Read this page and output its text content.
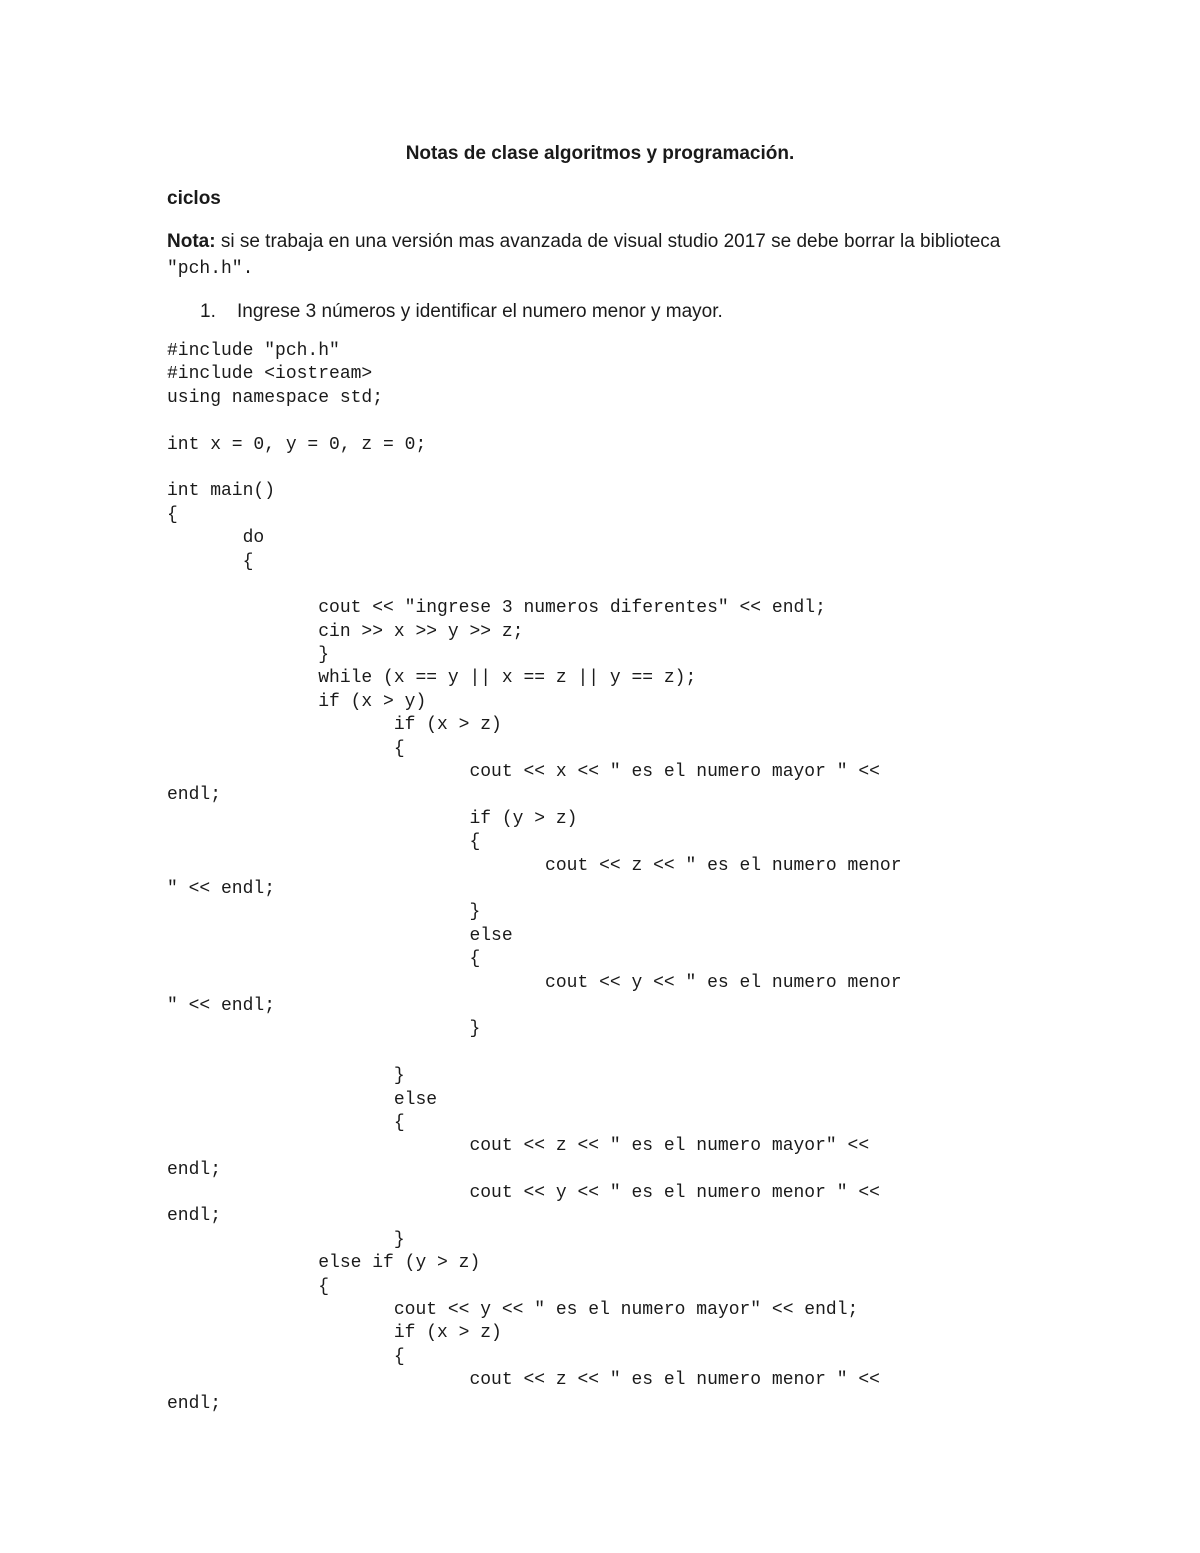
Notas de clase algoritmos y programación.
ciclos
Nota: si se trabaja en una versión mas avanzada de visual studio 2017 se debe borrar la biblioteca
"pch.h".
1. Ingrese 3 números y identificar el numero menor y mayor.
#include "pch.h"
#include <iostream>
using namespace std;

int x = 0, y = 0, z = 0;

int main()
{
do
{

cout << "ingrese 3 numeros diferentes" << endl;
cin >> x >> y >> z;
}
while (x == y || x == z || y == z);
if (x > y)
if (x > z)
{
cout << x << " es el numero mayor " <<
endl;
if (y > z)
{
cout << z << " es el numero menor
" << endl;
}
else
{
cout << y << " es el numero menor
" << endl;
}

}
else
{
cout << z << " es el numero mayor" <<
endl;
cout << y << " es el numero menor " <<
endl;
}
else if (y > z)
{
cout << y << " es el numero mayor" << endl;
if (x > z)
{
cout << z << " es el numero menor " <<
endl;
